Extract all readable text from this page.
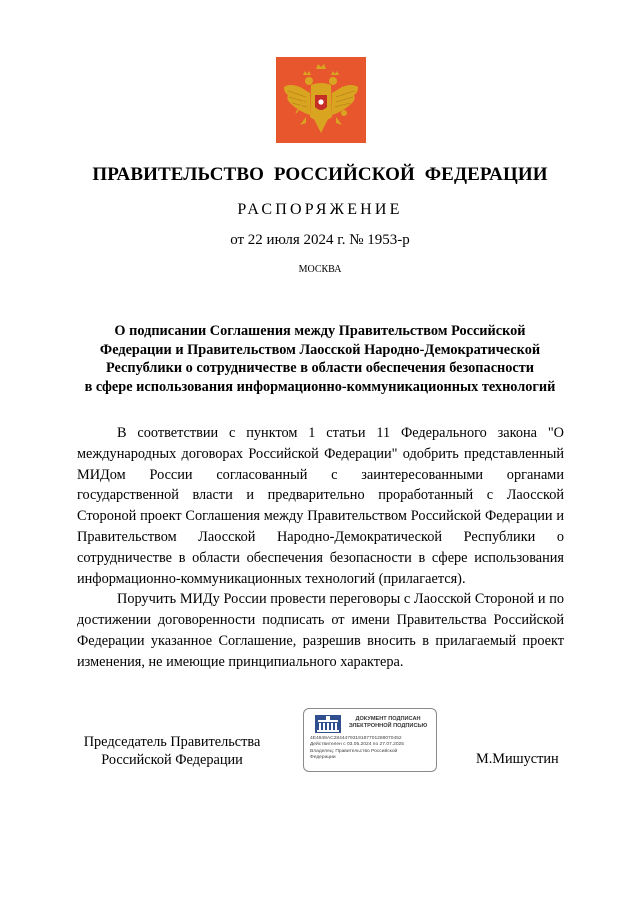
ПРАВИТЕЛЬСТВО РОССИЙСКОЙ ФЕДЕРАЦИИ
РАСПОРЯЖЕНИЕ
от 22 июля 2024 г. № 1953-р
МОСКВА
О подписании Соглашения между Правительством Российской
Федерации и Правительством Лаосской Народно-Демократической
Республики о сотрудничестве в области обеспечения безопасности
в сфере использования информационно-коммуникационных технологий

В соответствии с пунктом 1 статьи 11 Федерального закона "О международных договорах Российской Федерации" одобрить представленный МИДом России согласованный с заинтересованными органами государственной власти и предварительно проработанный с Лаосской Стороной проект Соглашения между Правительством Российской Федерации и Правительством Лаосской Народно-Демократической Республики о сотрудничестве в области обеспечения безопасности в сфере использования информационно-коммуникационных технологий (прилагается).

Поручить МИДу России провести переговоры с Лаосской Стороной и по достижении договоренности подписать от имени Правительства Российской Федерации указанное Соглашение, разрешив вносить в прилагаемый проект изменения, не имеющие принципиального характера.

Председатель Правительства
Российской Федерации
ДОКУМЕНТ ПОДПИСАН
ЭЛЕКТРОННОЙ ПОДПИСЬЮ
4E4848AC2844479319187701288070452
Действителен с 03.05.2024 по 27.07.2025
Владелец: Правительство Российской
Федерации	М.Мишустин
